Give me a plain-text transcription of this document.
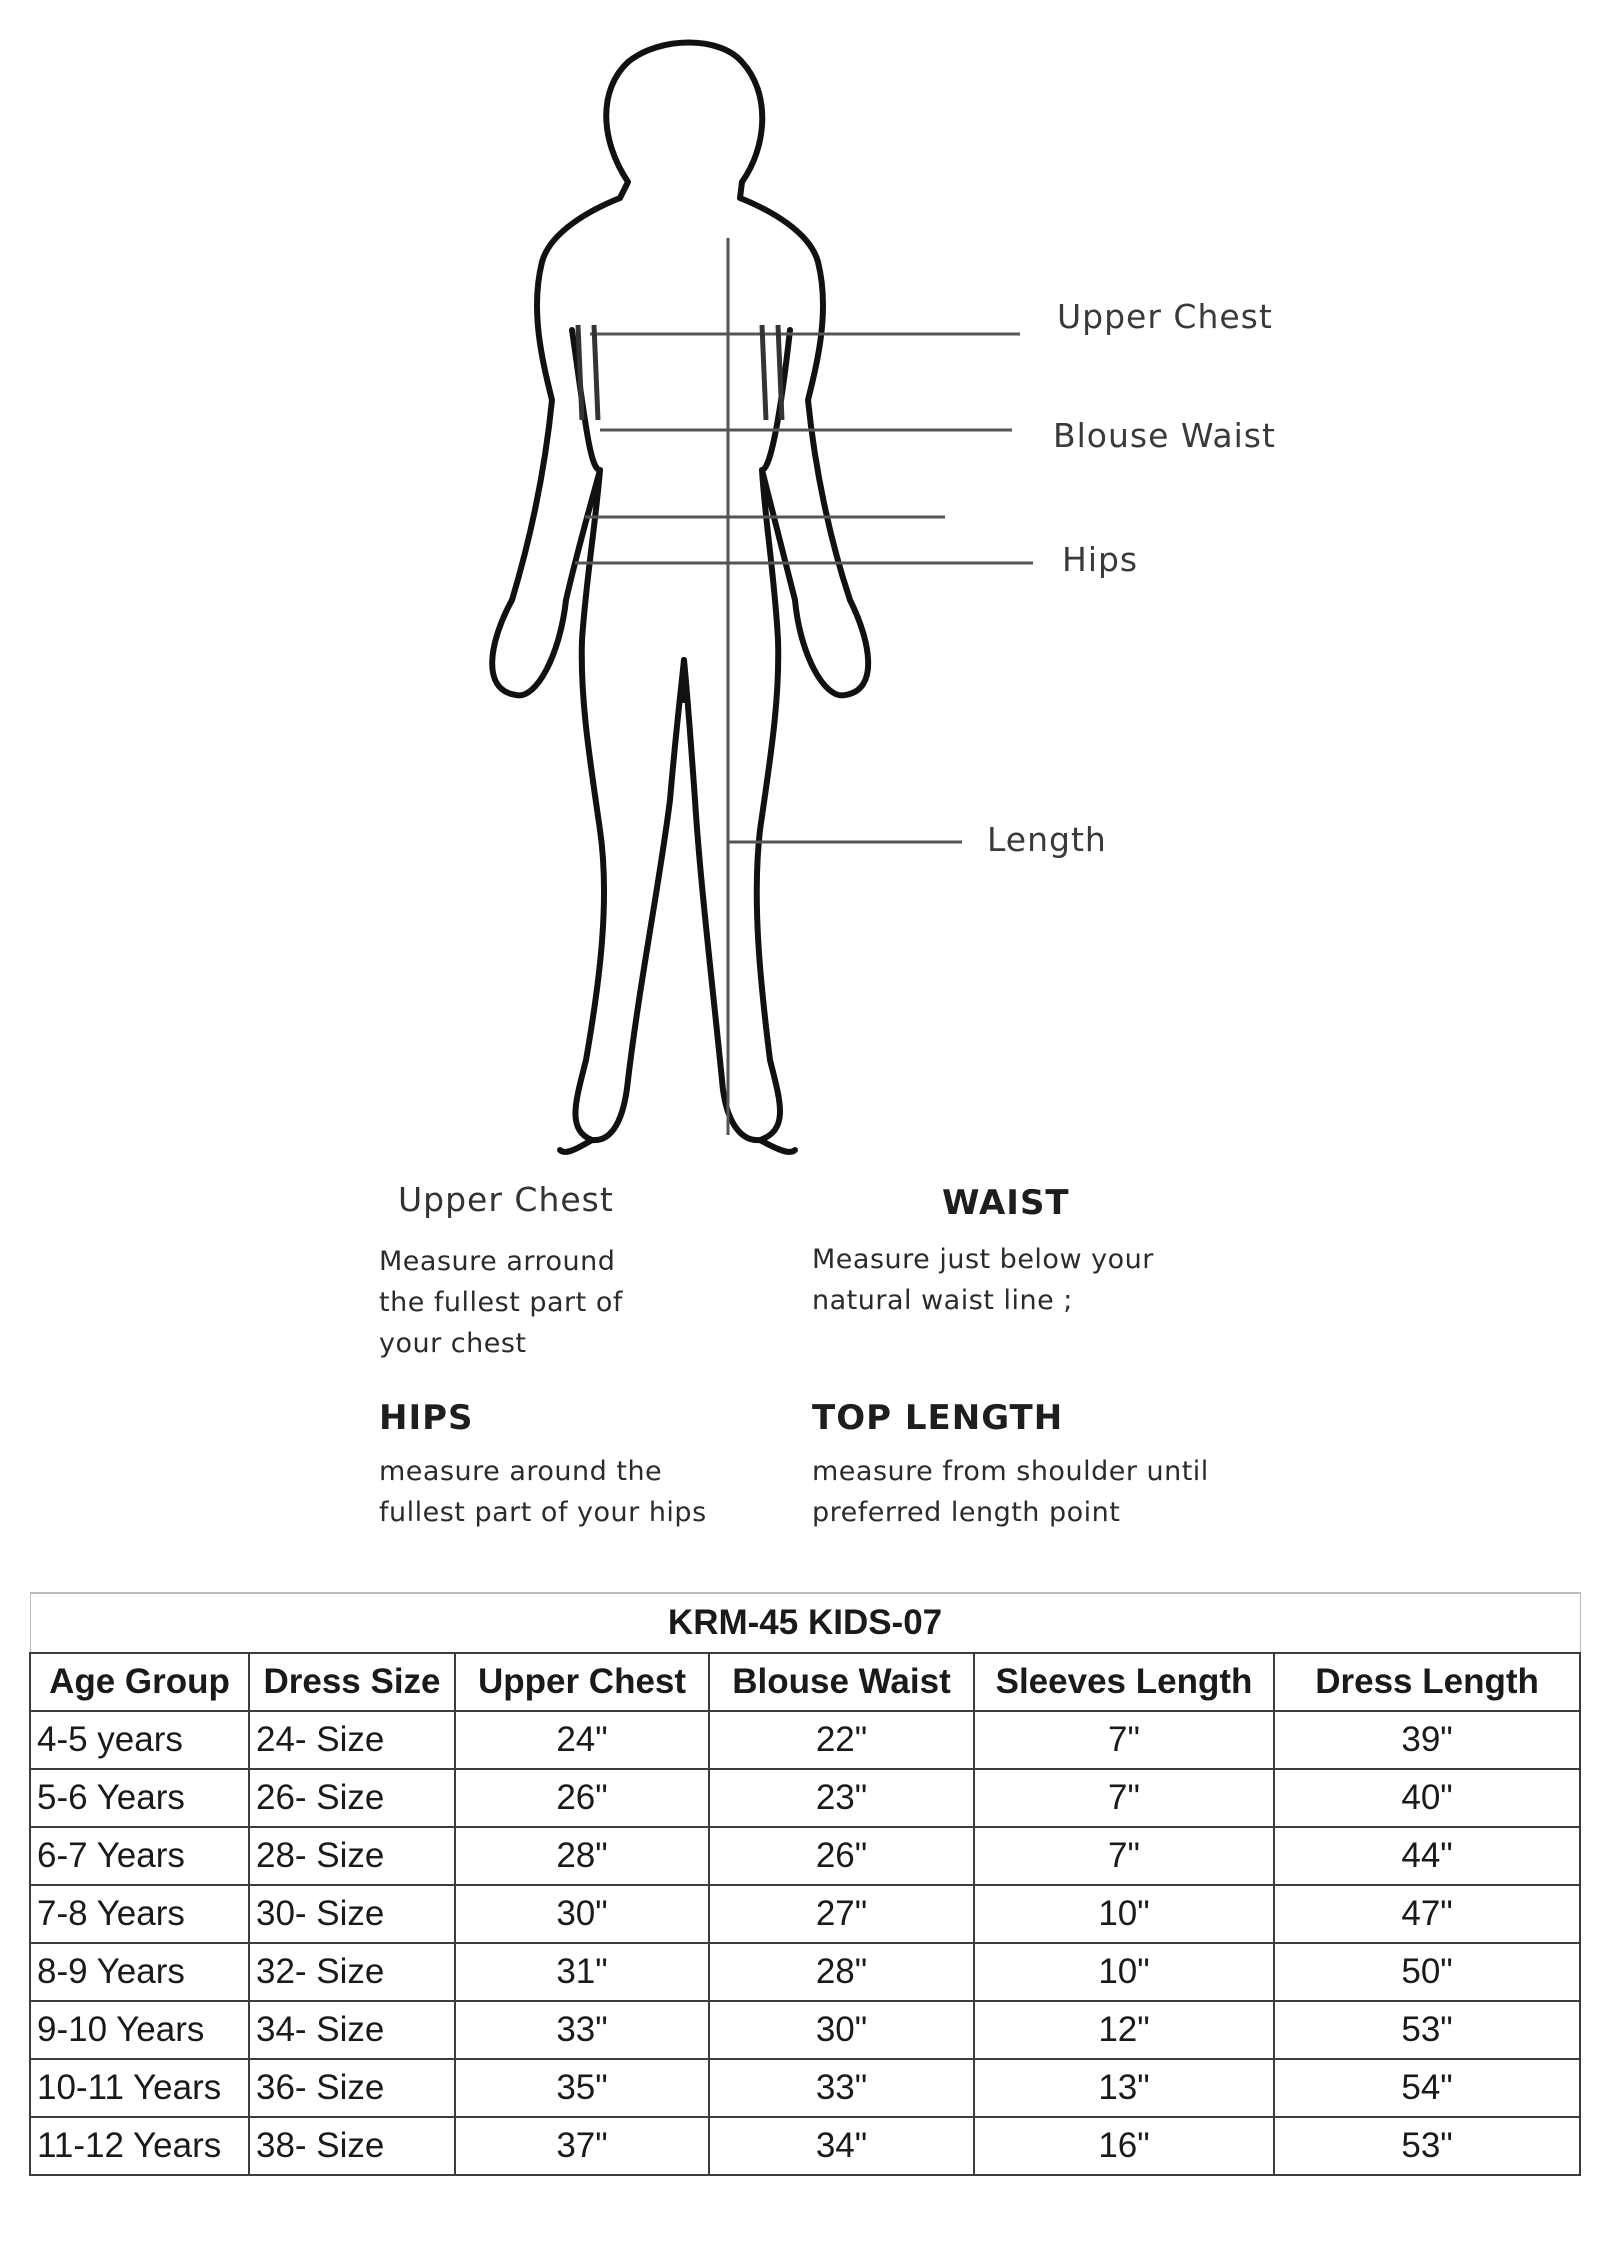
Upper Chest
Blouse Waist
Hips
Length
Upper Chest
Measure arround
the fullest part of
your chest
WAIST
Measure just below your
natural waist line ;
HIPS
measure around the
fullest part of your hips
TOP LENGTH
measure from shoulder until
preferred length point
KRM-45 KIDS-07					
Age Group	Dress Size	Upper Chest	Blouse Waist	Sleeves Length	Dress Length
4-5 years	24- Size	24"	22"	7"	39"
5-6 Years	26- Size	26"	23"	7"	40"
6-7 Years	28- Size	28"	26"	7"	44"
7-8 Years	30- Size	30"	27"	10"	47"
8-9 Years	32- Size	31"	28"	10"	50"
9-10 Years	34- Size	33"	30"	12"	53"
10-11 Years	36- Size	35"	33"	13"	54"
11-12 Years	38- Size	37"	34"	16"	53"
